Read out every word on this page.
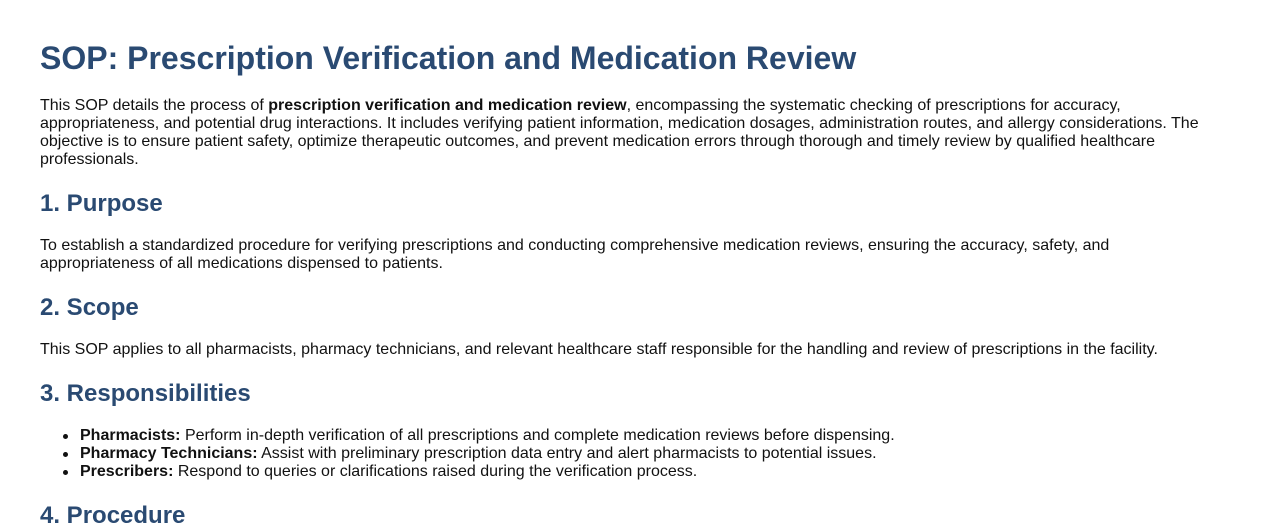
SOP: Prescription Verification and Medication Review

This SOP details the process of prescription verification and medication review, encompassing the systematic checking of prescriptions for accuracy, appropriateness, and potential drug interactions. It includes verifying patient information, medication dosages, administration routes, and allergy considerations. The objective is to ensure patient safety, optimize therapeutic outcomes, and prevent medication errors through thorough and timely review by qualified healthcare professionals.

1. Purpose

To establish a standardized procedure for verifying prescriptions and conducting comprehensive medication reviews, ensuring the accuracy, safety, and appropriateness of all medications dispensed to patients.

2. Scope

This SOP applies to all pharmacists, pharmacy technicians, and relevant healthcare staff responsible for the handling and review of prescriptions in the facility.

3. Responsibilities
Pharmacists: Perform in-depth verification of all prescriptions and complete medication reviews before dispensing.
Pharmacy Technicians: Assist with preliminary prescription data entry and alert pharmacists to potential issues.
Prescribers: Respond to queries or clarifications raised during the verification process.
4. Procedure
